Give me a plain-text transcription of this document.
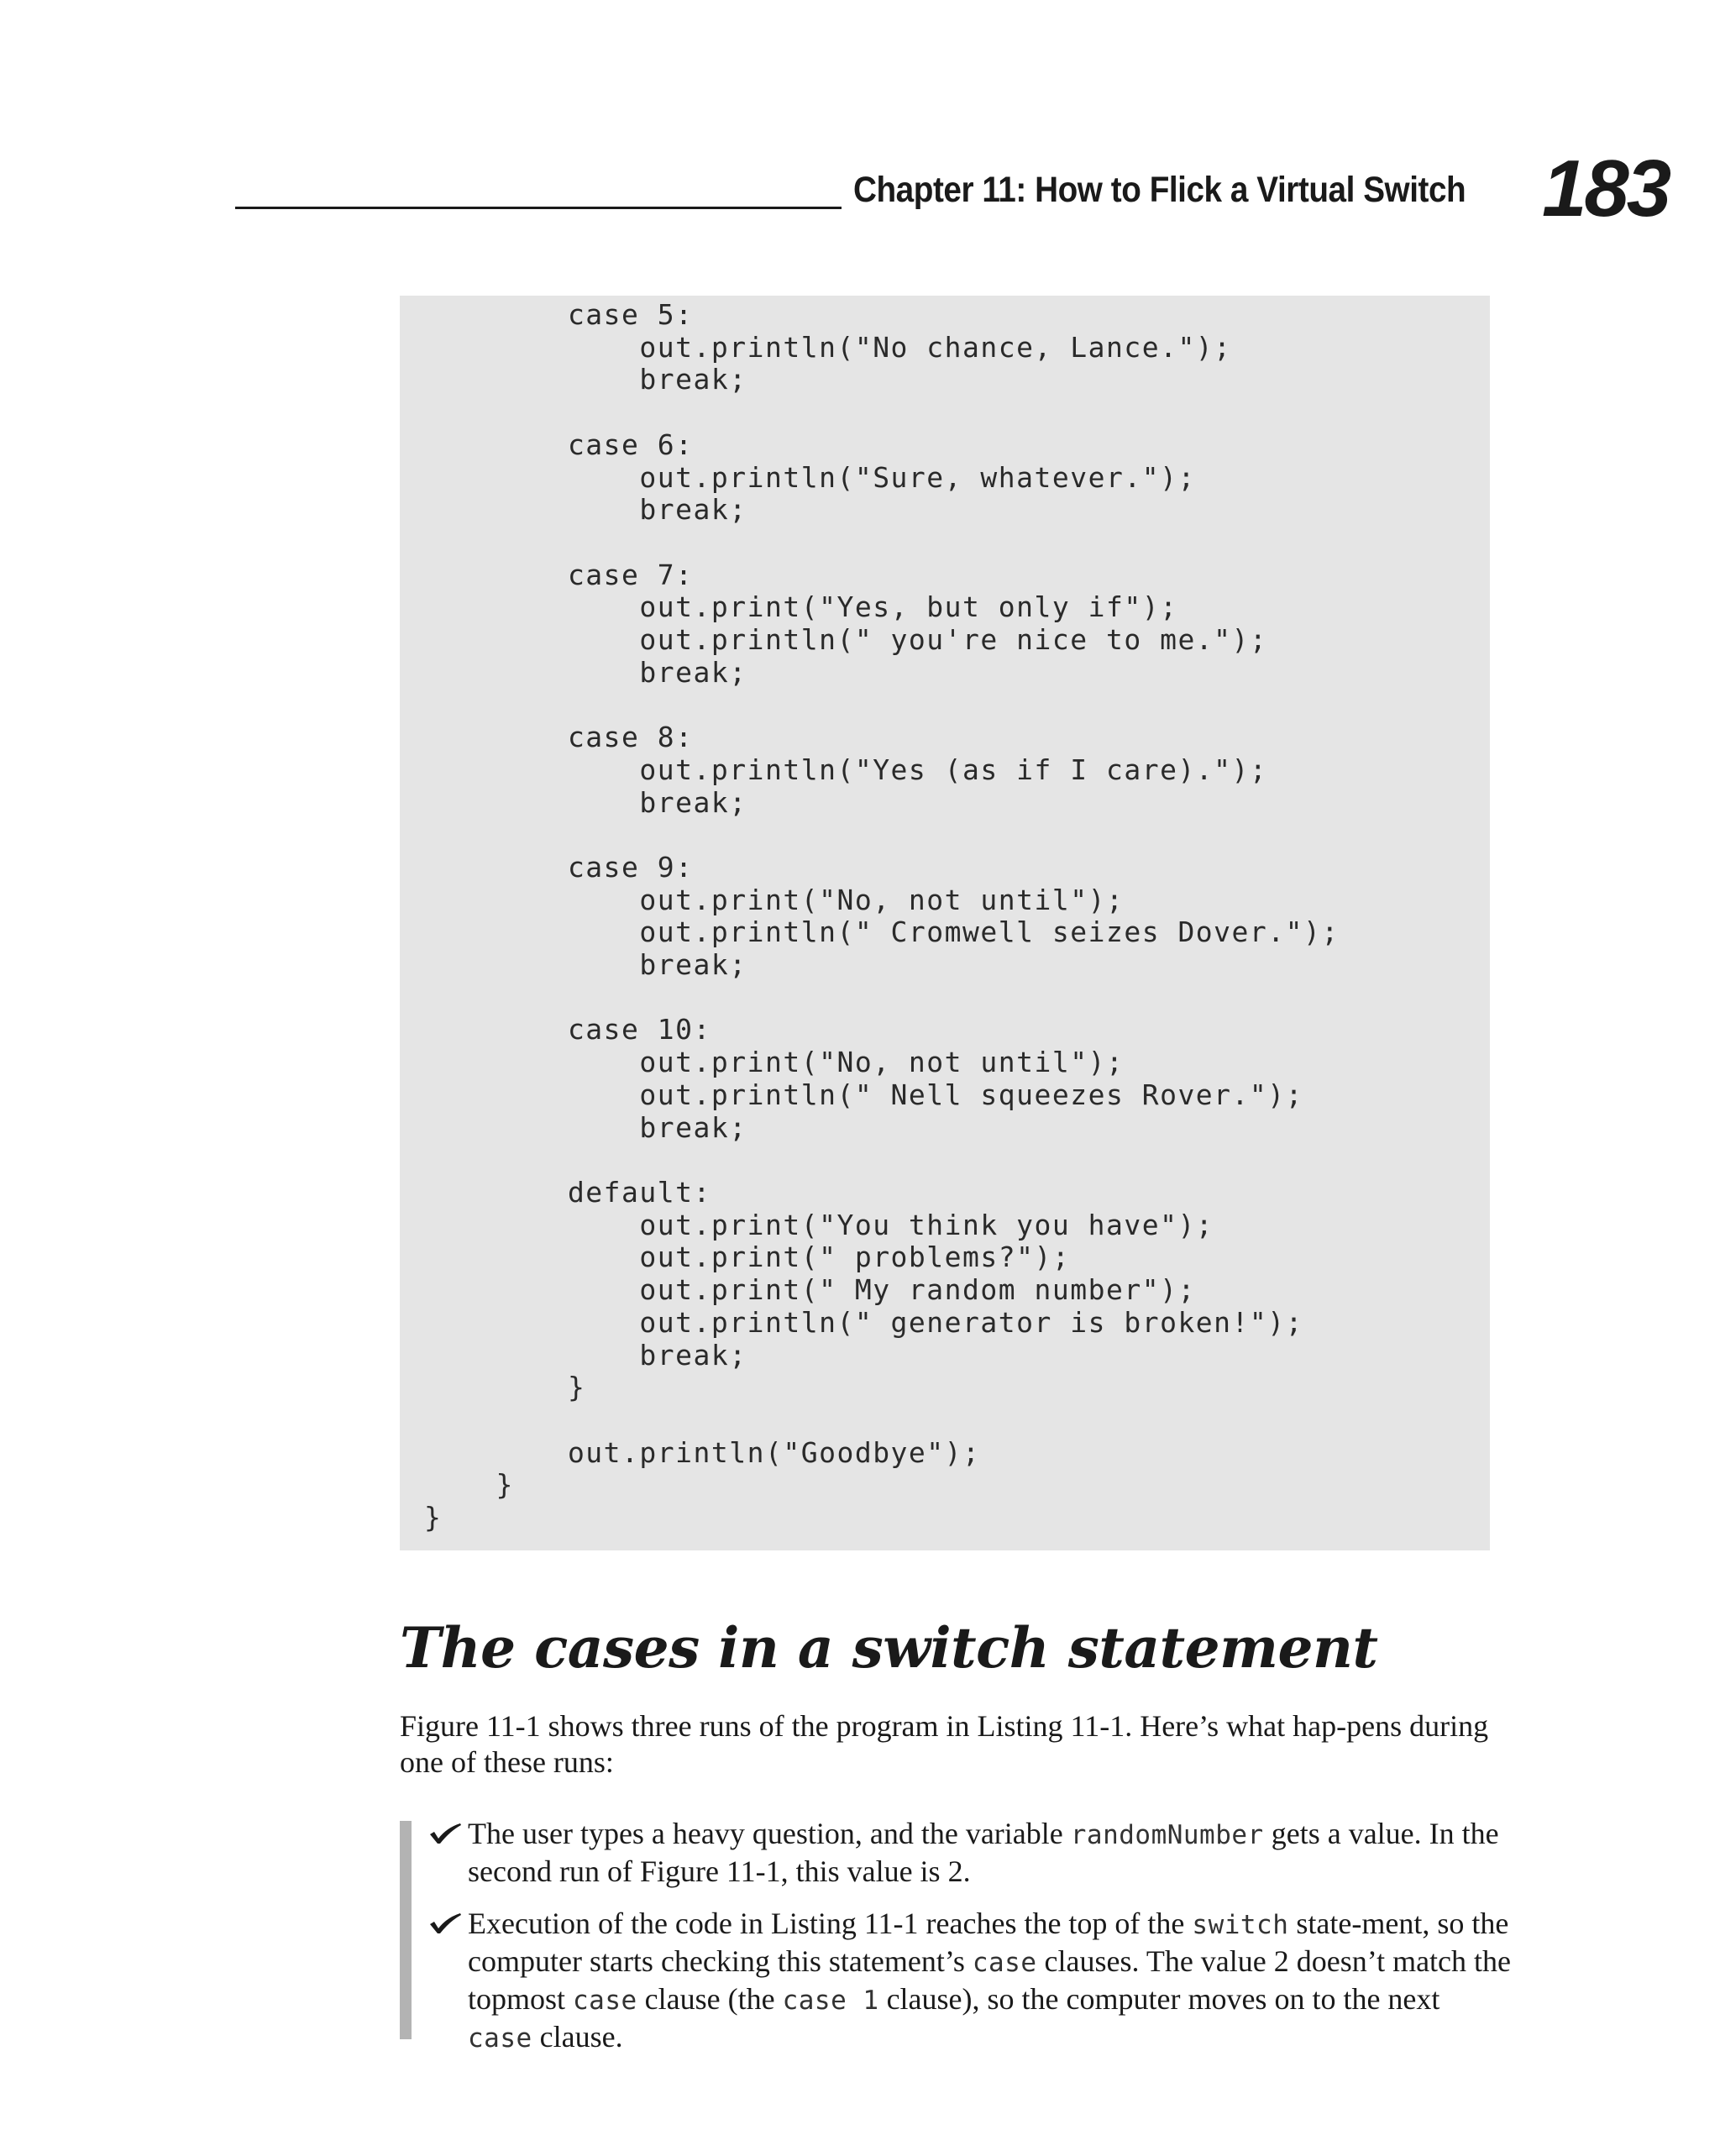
Chapter 11: How to Flick a Virtual Switch 183
case 5:
out.println("No chance, Lance.");
break;

case 6:
out.println("Sure, whatever.");
break;

case 7:
out.print("Yes, but only if");
out.println(" you're nice to me.");
break;

case 8:
out.println("Yes (as if I care).");
break;

case 9:
out.print("No, not until");
out.println(" Cromwell seizes Dover.");
break;

case 10:
out.print("No, not until");
out.println(" Nell squeezes Rover.");
break;

default:
out.print("You think you have");
out.print(" problems?");
out.print(" My random number");
out.println(" generator is broken!");
break;
}

out.println("Goodbye");
}
}
The cases in a switch statement

Figure 11-1 shows three runs of the program in Listing 11-1. Here’s what hap-pens during one of these runs:

The user types a heavy question, and the variable randomNumber gets a value. In the second run of Figure 11-1, this value is 2.
Execution of the code in Listing 11-1 reaches the top of the switch state-ment, so the computer starts checking this statement’s case clauses. The value 2 doesn’t match the topmost case clause (the case 1 clause), so the computer moves on to the next case clause.
